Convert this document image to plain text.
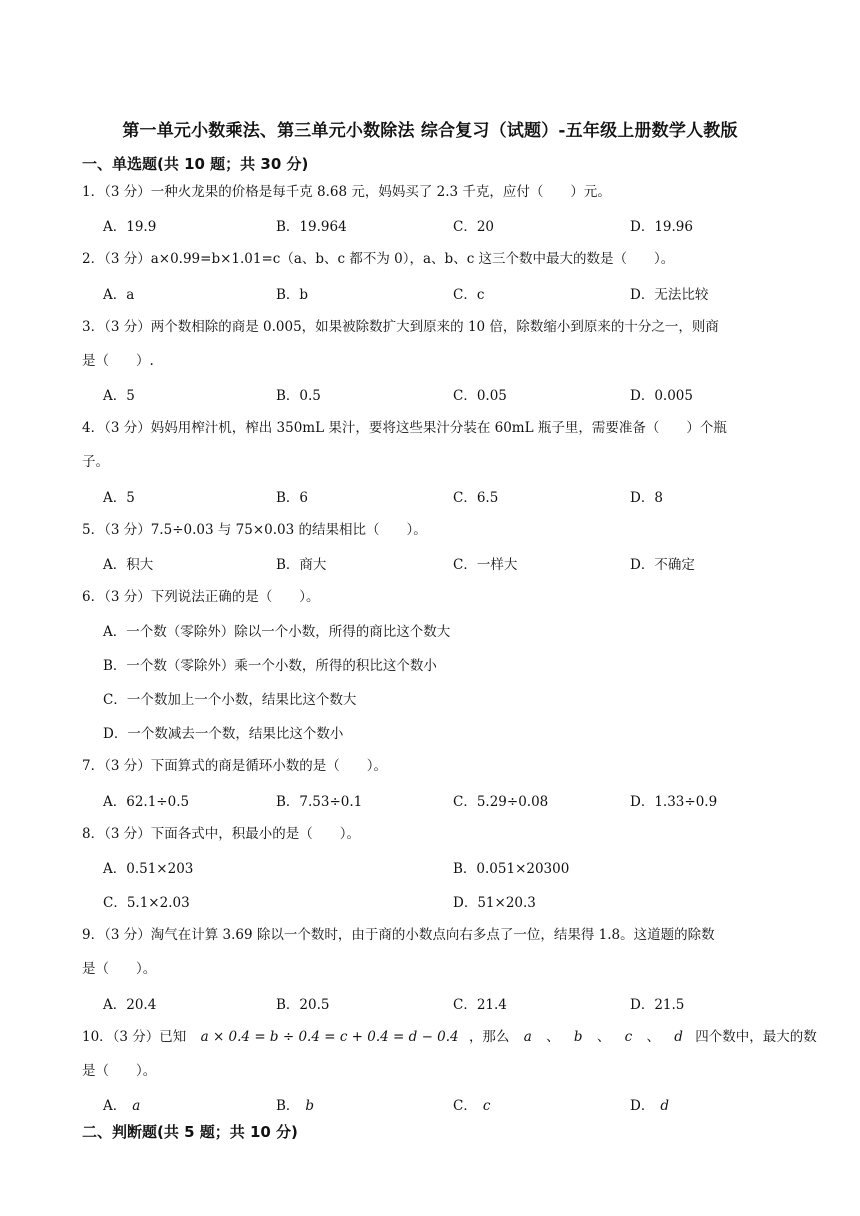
第一单元小数乘法、第三单元小数除法 综合复习（试题）-五年级上册数学人教版
一、单选题(共 10 题；共 30 分)
1．（3 分）一种火龙果的价格是每千克 8.68 元，妈妈买了 2.3 千克，应付（　　）元。
A．19.9	B．19.964	C．20	D．19.96
2．（3 分）a×0.99=b×1.01=c（a、b、c 都不为 0），a、b、c 这三个数中最大的数是（　　）。
A．a	B．b	C．c	D．无法比较
3．（3 分）两个数相除的商是 0.005，如果被除数扩大到原来的 10 倍，除数缩小到原来的十分之一，则商
是（　　）.
A．5	B．0.5	C．0.05	D．0.005
4．（3 分）妈妈用榨汁机，榨出 350mL 果汁，要将这些果汁分装在 60mL 瓶子里，需要准备（　　）个瓶
子。
A．5	B．6	C．6.5	D．8
5．（3 分）7.5÷0.03 与 75×0.03 的结果相比（　　）。
A．积大	B．商大	C．一样大	D．不确定
6．（3 分）下列说法正确的是（　　）。
A．一个数（零除外）除以一个小数，所得的商比这个数大
B．一个数（零除外）乘一个小数，所得的积比这个数小
C．一个数加上一个小数，结果比这个数大
D．一个数减去一个数，结果比这个数小
7．（3 分）下面算式的商是循环小数的是（　　）。
A．62.1÷0.5	B．7.53÷0.1	C．5.29÷0.08	D．1.33÷0.9
8．（3 分）下面各式中，积最小的是（　　）。
A．0.51×203	B．0.051×20300
C．5.1×2.03	D．51×20.3
9．（3 分）淘气在计算 3.69 除以一个数时，由于商的小数点向右多点了一位，结果得 1.8。这道题的除数
是（　　）。
A．20.4	B．20.5	C．21.4	D．21.5
10．（3 分）已知 a × 0.4 = b ÷ 0.4 = c + 0.4 = d − 0.4 ，那么 a 、 b 、 c 、 d 四个数中，最大的数
是（　　）。
A． a	B． b	C． c	D． d
二、判断题(共 5 题；共 10 分)
